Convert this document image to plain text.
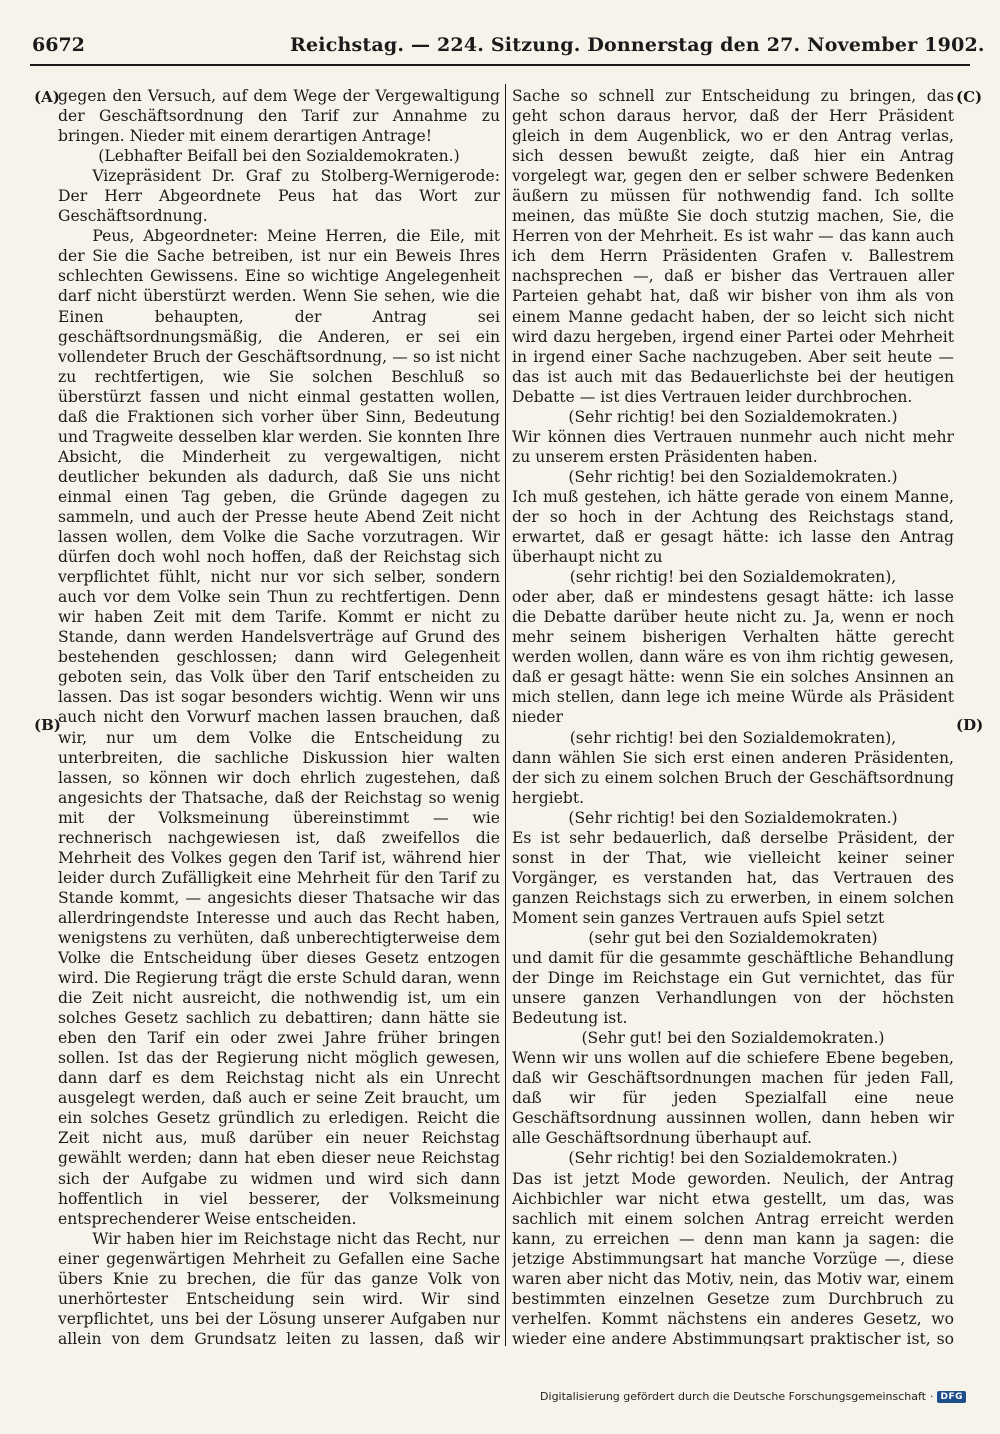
6672	Reichstag. — 224. Sitzung. Donnerstag den 27. November 1902.
(A)
(B)
(C)
(D)

gegen den Versuch, auf dem Wege der Vergewaltigung der Geschäftsordnung den Tarif zur Annahme zu bringen. Nieder mit einem derartigen Antrage!

(Lebhafter Beifall bei den Sozialdemokraten.)

Vizepräsident Dr. Graf zu Stolberg-Wernigerode: Der Herr Abgeordnete Peus hat das Wort zur Geschäftsordnung.

Peus, Abgeordneter: Meine Herren, die Eile, mit der Sie die Sache betreiben, ist nur ein Beweis Ihres schlechten Gewissens. Eine so wichtige Angelegenheit darf nicht überstürzt werden. Wenn Sie sehen, wie die Einen behaupten, der Antrag sei geschäftsordnungsmäßig, die Anderen, er sei ein vollendeter Bruch der Geschäftsordnung, — so ist nicht zu rechtfertigen, wie Sie solchen Beschluß so überstürzt fassen und nicht einmal gestatten wollen, daß die Fraktionen sich vorher über Sinn, Bedeutung und Tragweite desselben klar werden. Sie konnten Ihre Absicht, die Minderheit zu vergewaltigen, nicht deutlicher bekunden als dadurch, daß Sie uns nicht einmal einen Tag geben, die Gründe dagegen zu sammeln, und auch der Presse heute Abend Zeit nicht lassen wollen, dem Volke die Sache vorzutragen. Wir dürfen doch wohl noch hoffen, daß der Reichstag sich verpflichtet fühlt, nicht nur vor sich selber, sondern auch vor dem Volke sein Thun zu rechtfertigen. Denn wir haben Zeit mit dem Tarife. Kommt er nicht zu Stande, dann werden Handelsverträge auf Grund des bestehenden geschlossen; dann wird Gelegenheit geboten sein, das Volk über den Tarif entscheiden zu lassen. Das ist sogar besonders wichtig. Wenn wir uns auch nicht den Vorwurf machen lassen brauchen, daß wir, nur um dem Volke die Entscheidung zu unterbreiten, die sachliche Diskussion hier walten lassen, so können wir doch ehrlich zugestehen, daß angesichts der Thatsache, daß der Reichstag so wenig mit der Volksmeinung übereinstimmt — wie rechnerisch nachgewiesen ist, daß zweifellos die Mehrheit des Volkes gegen den Tarif ist, während hier leider durch Zufälligkeit eine Mehrheit für den Tarif zu Stande kommt, — angesichts dieser Thatsache wir das allerdringendste Interesse und auch das Recht haben, wenigstens zu verhüten, daß unberechtigterweise dem Volke die Entscheidung über dieses Gesetz entzogen wird. Die Regierung trägt die erste Schuld daran, wenn die Zeit nicht ausreicht, die nothwendig ist, um ein solches Gesetz sachlich zu debattiren; dann hätte sie eben den Tarif ein oder zwei Jahre früher bringen sollen. Ist das der Regierung nicht möglich gewesen, dann darf es dem Reichstag nicht als ein Unrecht ausgelegt werden, daß auch er seine Zeit braucht, um ein solches Gesetz gründlich zu erledigen. Reicht die Zeit nicht aus, muß darüber ein neuer Reichstag gewählt werden; dann hat eben dieser neue Reichstag sich der Aufgabe zu widmen und wird sich dann hoffentlich in viel besserer, der Volksmeinung entsprechenderer Weise entscheiden.

Wir haben hier im Reichstage nicht das Recht, nur einer gegenwärtigen Mehrheit zu Gefallen eine Sache übers Knie zu brechen, die für das ganze Volk von unerhörtester Entscheidung sein wird. Wir sind verpflichtet, uns bei der Lösung unserer Aufgaben nur allein von dem Grundsatz leiten zu lassen, daß wir

Sache so schnell zur Entscheidung zu bringen, das geht schon daraus hervor, daß der Herr Präsident gleich in dem Augenblick, wo er den Antrag verlas, sich dessen bewußt zeigte, daß hier ein Antrag vorgelegt war, gegen den er selber schwere Bedenken äußern zu müssen für nothwendig fand. Ich sollte meinen, das müßte Sie doch stutzig machen, Sie, die Herren von der Mehrheit. Es ist wahr — das kann auch ich dem Herrn Präsidenten Grafen v. Ballestrem nachsprechen —, daß er bisher das Vertrauen aller Parteien gehabt hat, daß wir bisher von ihm als von einem Manne gedacht haben, der so leicht sich nicht wird dazu hergeben, irgend einer Partei oder Mehrheit in irgend einer Sache nachzugeben. Aber seit heute — das ist auch mit das Bedauerlichste bei der heutigen Debatte — ist dies Vertrauen leider durchbrochen.

(Sehr richtig! bei den Sozialdemokraten.)

Wir können dies Vertrauen nunmehr auch nicht mehr zu unserem ersten Präsidenten haben.

(Sehr richtig! bei den Sozialdemokraten.)

Ich muß gestehen, ich hätte gerade von einem Manne, der so hoch in der Achtung des Reichstags stand, erwartet, daß er gesagt hätte: ich lasse den Antrag überhaupt nicht zu

(sehr richtig! bei den Sozialdemokraten),

oder aber, daß er mindestens gesagt hätte: ich lasse die Debatte darüber heute nicht zu. Ja, wenn er noch mehr seinem bisherigen Verhalten hätte gerecht werden wollen, dann wäre es von ihm richtig gewesen, daß er gesagt hätte: wenn Sie ein solches Ansinnen an mich stellen, dann lege ich meine Würde als Präsident nieder

(sehr richtig! bei den Sozialdemokraten),

dann wählen Sie sich erst einen anderen Präsidenten, der sich zu einem solchen Bruch der Geschäftsordnung hergiebt.

(Sehr richtig! bei den Sozialdemokraten.)

Es ist sehr bedauerlich, daß derselbe Präsident, der sonst in der That, wie vielleicht keiner seiner Vorgänger, es verstanden hat, das Vertrauen des ganzen Reichstags sich zu erwerben, in einem solchen Moment sein ganzes Vertrauen aufs Spiel setzt

(sehr gut bei den Sozialdemokraten)

und damit für die gesammte geschäftliche Behandlung der Dinge im Reichstage ein Gut vernichtet, das für unsere ganzen Verhandlungen von der höchsten Bedeutung ist.

(Sehr gut! bei den Sozialdemokraten.)

Wenn wir uns wollen auf die schiefere Ebene begeben, daß wir Geschäftsordnungen machen für jeden Fall, daß wir für jeden Spezialfall eine neue Geschäftsordnung aussinnen wollen, dann heben wir alle Geschäftsordnung überhaupt auf.

(Sehr richtig! bei den Sozialdemokraten.)

Das ist jetzt Mode geworden. Neulich, der Antrag Aichbichler war nicht etwa gestellt, um das, was sachlich mit einem solchen Antrag erreicht werden kann, zu erreichen — denn man kann ja sagen: die jetzige Abstimmungsart hat manche Vorzüge —, diese waren aber nicht das Motiv, nein, das Motiv war, einem bestimmten einzelnen Gesetze zum Durchbruch zu verhelfen. Kommt nächstens ein anderes Gesetz, wo wieder eine andere Abstimmungsart praktischer ist, so

Digitalisierung gefördert durch die Deutsche Forschungsgemeinschaft · DFG
